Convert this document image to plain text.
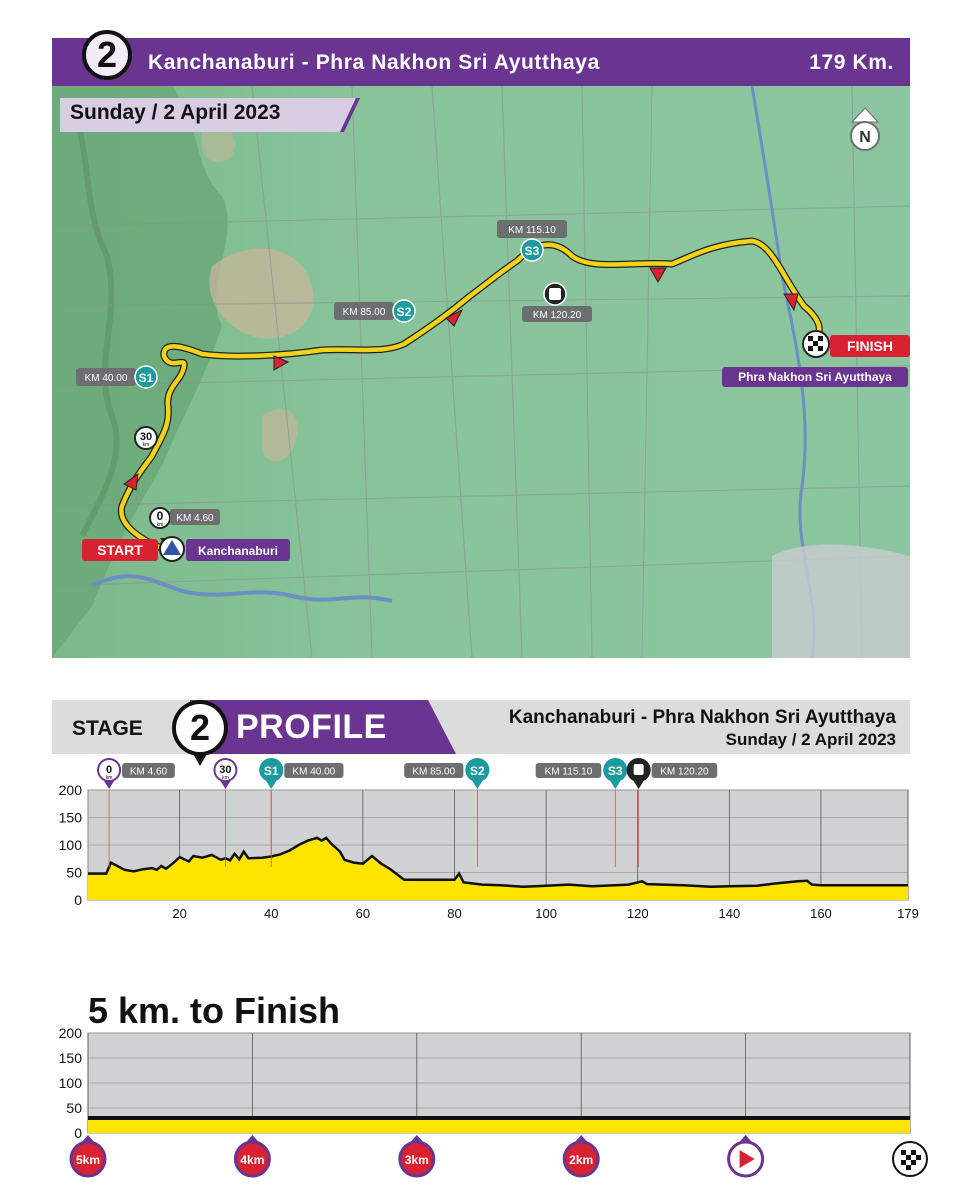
2	Kanchanaburi - Phra Nakhon Sri Ayutthaya	179 Km.
N
START	Kanchanaburi
0
km
KM 4.60
30
km
KM 40.00 S1
KM 85.00 S2
KM 115.10
S3
KM 120.20
FINISH
Phra Nakhon Sri Ayutthaya
Sunday / 2 April 2023
STAGE 2 PROFILE	Kanchanaburi - Phra Nakhon Sri Ayutthaya
Sunday / 2 April 2023
0
50
100
150
200
20	40	60	80	100	120	140	160	179
0
km
KM 4.60	30
km	S1 KM 40.00	S2
KM 85.00	S3
KM 115.10	KM 120.20
5 km. to Finish
0
50
100
150
200
5km	4km	3km	2km
